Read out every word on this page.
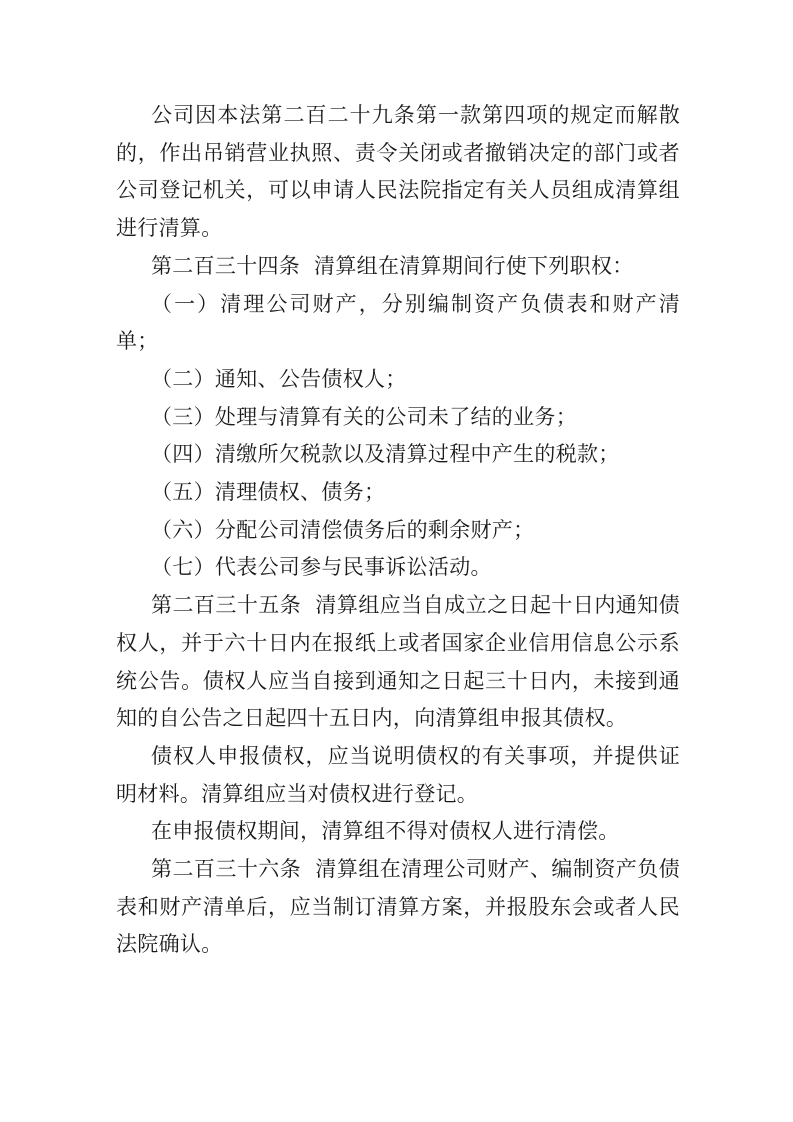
公司因本法第二百二十九条第一款第四项的规定而解散的，作出吊销营业执照、责令关闭或者撤销决定的部门或者公司登记机关，可以申请人民法院指定有关人员组成清算组进行清算。

第二百三十四条  清算组在清算期间行使下列职权：

（一）清理公司财产，分别编制资产负债表和财产清单；

（二）通知、公告债权人；

（三）处理与清算有关的公司未了结的业务；

（四）清缴所欠税款以及清算过程中产生的税款；

（五）清理债权、债务；

（六）分配公司清偿债务后的剩余财产；

（七）代表公司参与民事诉讼活动。

第二百三十五条  清算组应当自成立之日起十日内通知债权人，并于六十日内在报纸上或者国家企业信用信息公示系统公告。债权人应当自接到通知之日起三十日内，未接到通知的自公告之日起四十五日内，向清算组申报其债权。

债权人申报债权，应当说明债权的有关事项，并提供证明材料。清算组应当对债权进行登记。

在申报债权期间，清算组不得对债权人进行清偿。

第二百三十六条  清算组在清理公司财产、编制资产负债表和财产清单后，应当制订清算方案，并报股东会或者人民法院确认。
